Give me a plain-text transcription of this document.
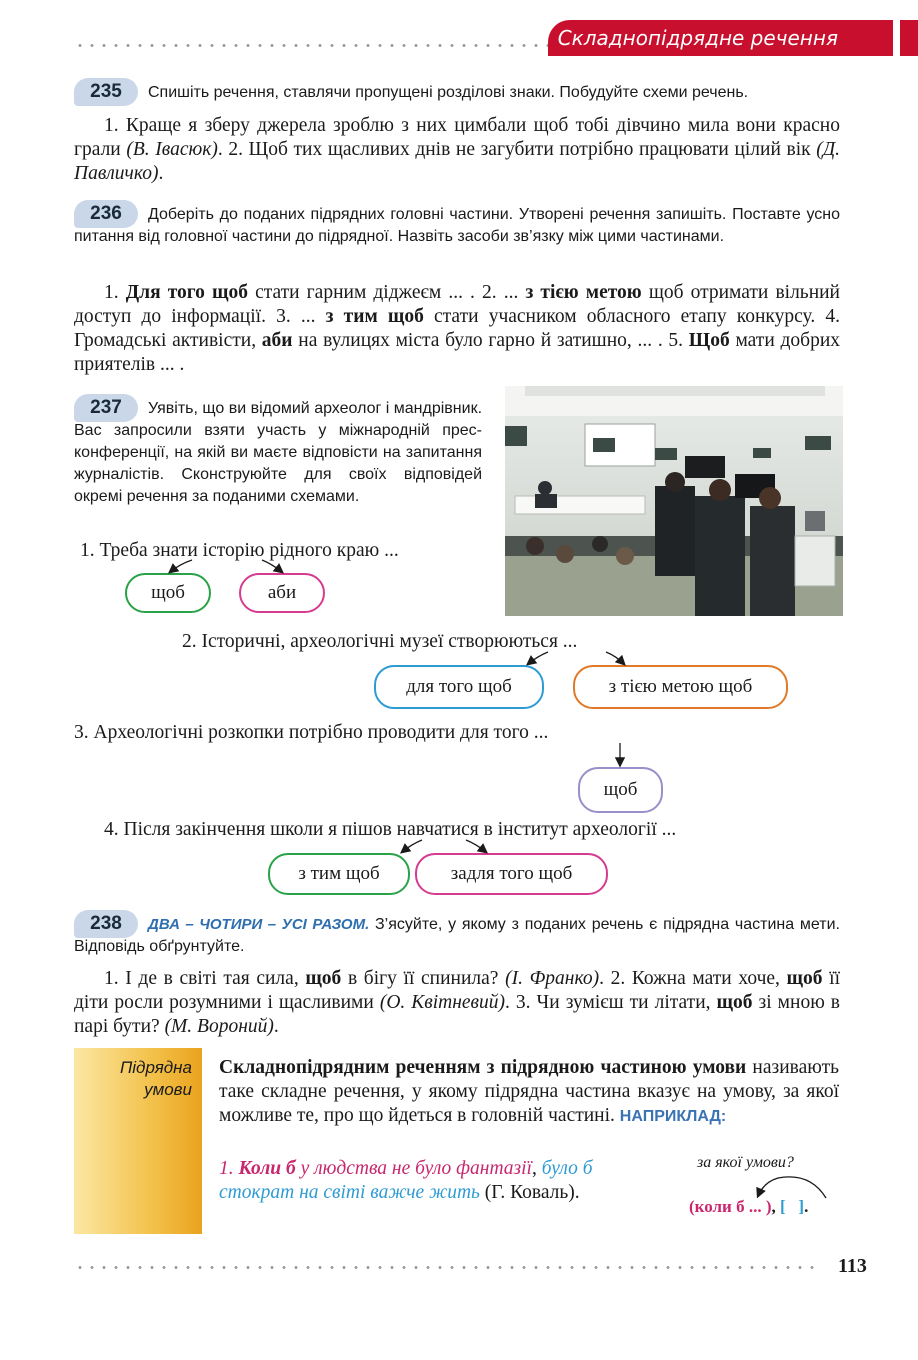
Складнопідрядне речення
235	Спишіть речення, ставлячи пропущені розділові знаки. Побудуйте схеми речень.
1. Краще я зберу джерела зроблю з них цимбали щоб тобі дівчино мила вони красно грали (В. Івасюк). 2. Щоб тих щасливих днів не загубити потрібно працювати цілий вік (Д. Павличко).
236	Доберіть до поданих підрядних головні частини. Утворені речення запишіть. Поставте усно питання від головної частини до підрядної. Назвіть засоби зв’язку між цими частинами.
1. Для того щоб стати гарним діджеєм ... . 2. ... з тією метою щоб отримати вільний доступ до інформації. 3. ... з тим щоб стати учасником обласного етапу конкурсу. 4. Громадські активісти, аби на вулицях міста було гарно й затишно, ... . 5. Щоб мати добрих приятелів ... .
237	Уявіть, що ви відомий археолог і мандрівник. Вас запросили взяти участь у міжнародній прес-конференції, на якій ви маєте відповісти на запитання журналістів. Сконструюйте для своїх відповідей окремі речення за поданими схемами.
1. Треба знати історію рідного краю ...
щоб	аби
2. Історичні, археологічні музеї створюються ...
для того щоб	з тією метою щоб
3. Археологічні розкопки потрібно проводити для того ...
щоб
4. Після закінчення школи я пішов навчатися в інститут археології ...
з тим щоб	задля того щоб
238	ДВА – ЧОТИРИ – УСІ РАЗОМ. З’ясуйте, у якому з поданих речень є підрядна частина мети. Відповідь обґрунтуйте.
1. І де в світі тая сила, щоб в бігу її спинила? (І. Франко). 2. Кожна мати хоче, щоб її діти росли розумними і щасливими (О. Квітневий). 3. Чи зумієш ти літати, щоб зі мною в парі бути? (М. Вороний).
Підрядна
умови
Складнопідрядним реченням з підрядною частиною умови називають таке складне речення, у якому підрядна частина вказує на умову, за якої можливе те, про що йдеться в головній частині. НАПРИКЛАД:
1. Коли б у людства не було фантазії, було б стократ на світі важче жить (Г. Коваль).
за якої умови?
(коли б ... ), [   ].
113
